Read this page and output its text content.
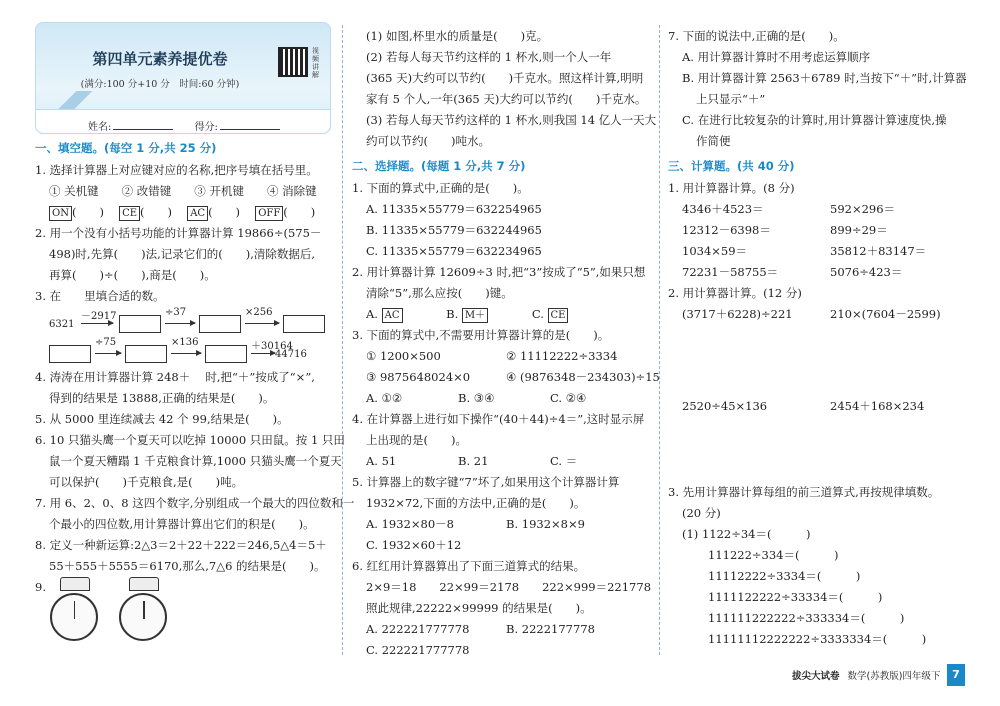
第四单元素养提优卷
(满分:100 分+10 分　时间:60 分钟)
视频讲解
姓名:	得分:
一、填空题。(每空 1 分,共 25 分)
1. 选择计算器上对应键对应的名称,把序号填在括号里。
① 关机键　　② 改错键　　③ 开机键　　④ 消除键
ON (　　)　 CE (　　)　 AC (　　)　 OFF (　　)
2. 用一个没有小括号功能的计算器计算 19866÷(575－
498)时,先算(　　)法,记录它们的(　　),清除数据后,
再算(　　)÷(　　),商是(　　)。
3. 在　　里填合适的数。
6321
－2917	÷37	×256
÷75	×136	＋30164
44716
4. 涛涛在用计算器计算 248＋　 时,把“＋”按成了“×”,
得到的结果是 13888,正确的结果是(　　)。
5. 从 5000 里连续减去 42 个 99,结果是(　　)。
6. 10 只猫头鹰一个夏天可以吃掉 10000 只田鼠。按 1 只田
鼠一个夏天糟蹋 1 千克粮食计算,1000 只猫头鹰一个夏天
可以保护(　　)千克粮食,是(　　)吨。
7. 用 6、2、0、8 这四个数字,分别组成一个最大的四位数和一
个最小的四位数,用计算器计算出它们的积是(　　)。
8. 定义一种新运算:2△3＝2＋22＋222＝246,5△4＝5＋
55＋555＋5555＝6170,那么,7△6 的结果是(　　)。
9.

(1) 如图,杯里水的质量是(　　)克。
(2) 若每人每天节约这样的 1 杯水,则一个人一年
(365 天)大约可以节约(　　)千克水。照这样计算,明明
家有 5 个人,一年(365 天)大约可以节约(　　)千克水。
(3) 若每人每天节约这样的 1 杯水,则我国 14 亿人一天大
约可以节约(　　)吨水。
二、选择题。(每题 1 分,共 7 分)
1. 下面的算式中,正确的是(　　)。
A. 11335×55779＝632254965
B. 11335×55779＝632244965
C. 11335×55779＝632234965
2. 用计算器计算 12609÷3 时,把“3”按成了“5”,如果只想
清除“5”,那么应按(　　)键。
A. AC	B. M＋	C. CE
3. 下面的算式中,不需要用计算器计算的是(　　)。
① 1200×500	② 11112222÷3334
③ 9875648024×0	④ (9876348－234303)÷15
A. ①②	B. ③④	C. ②④
4. 在计算器上进行如下操作“(40＋44)÷4＝”,这时显示屏
上出现的是(　　)。
A. 51	B. 21	C. ＝
5. 计算器上的数字键“7”坏了,如果用这个计算器计算
1932×72,下面的方法中,正确的是(　　)。
A. 1932×80－8	B. 1932×8×9
C. 1932×60＋12
6. 红红用计算器算出了下面三道算式的结果。
2×9＝18　　22×99＝2178　　222×999＝221778
照此规律,22222×99999 的结果是(　　)。
A. 222221777778	B. 2222177778
C. 222221777778
7. 下面的说法中,正确的是(　　)。
A. 用计算器计算时不用考虑运算顺序
B. 用计算器计算 2563＋6789 时,当按下“＋”时,计算器
上只显示“＋”
C. 在进行比较复杂的计算时,用计算器计算速度快,操
作简便
三、计算题。(共 40 分)
1. 用计算器计算。(8 分)
4346＋4523＝	592×296＝
12312－6398＝	899÷29＝
1034×59＝	35812＋83147＝
72231－58755＝	5076÷423＝
2. 用计算器计算。(12 分)
(3717＋6228)÷221	210×(7604－2599)
2520÷45×136	2454＋168×234
3. 先用计算器计算每组的前三道算式,再按规律填数。
(20 分)
(1) 1122÷34＝(　　　)
111222÷334＝(　　　)
11112222÷3334＝(　　　)
1111122222÷33334＝(　　　)
111111222222÷333334＝(　　　)
11111112222222÷3333334＝(　　　)
拔尖大试卷 数学(苏教版)四年级下	7
